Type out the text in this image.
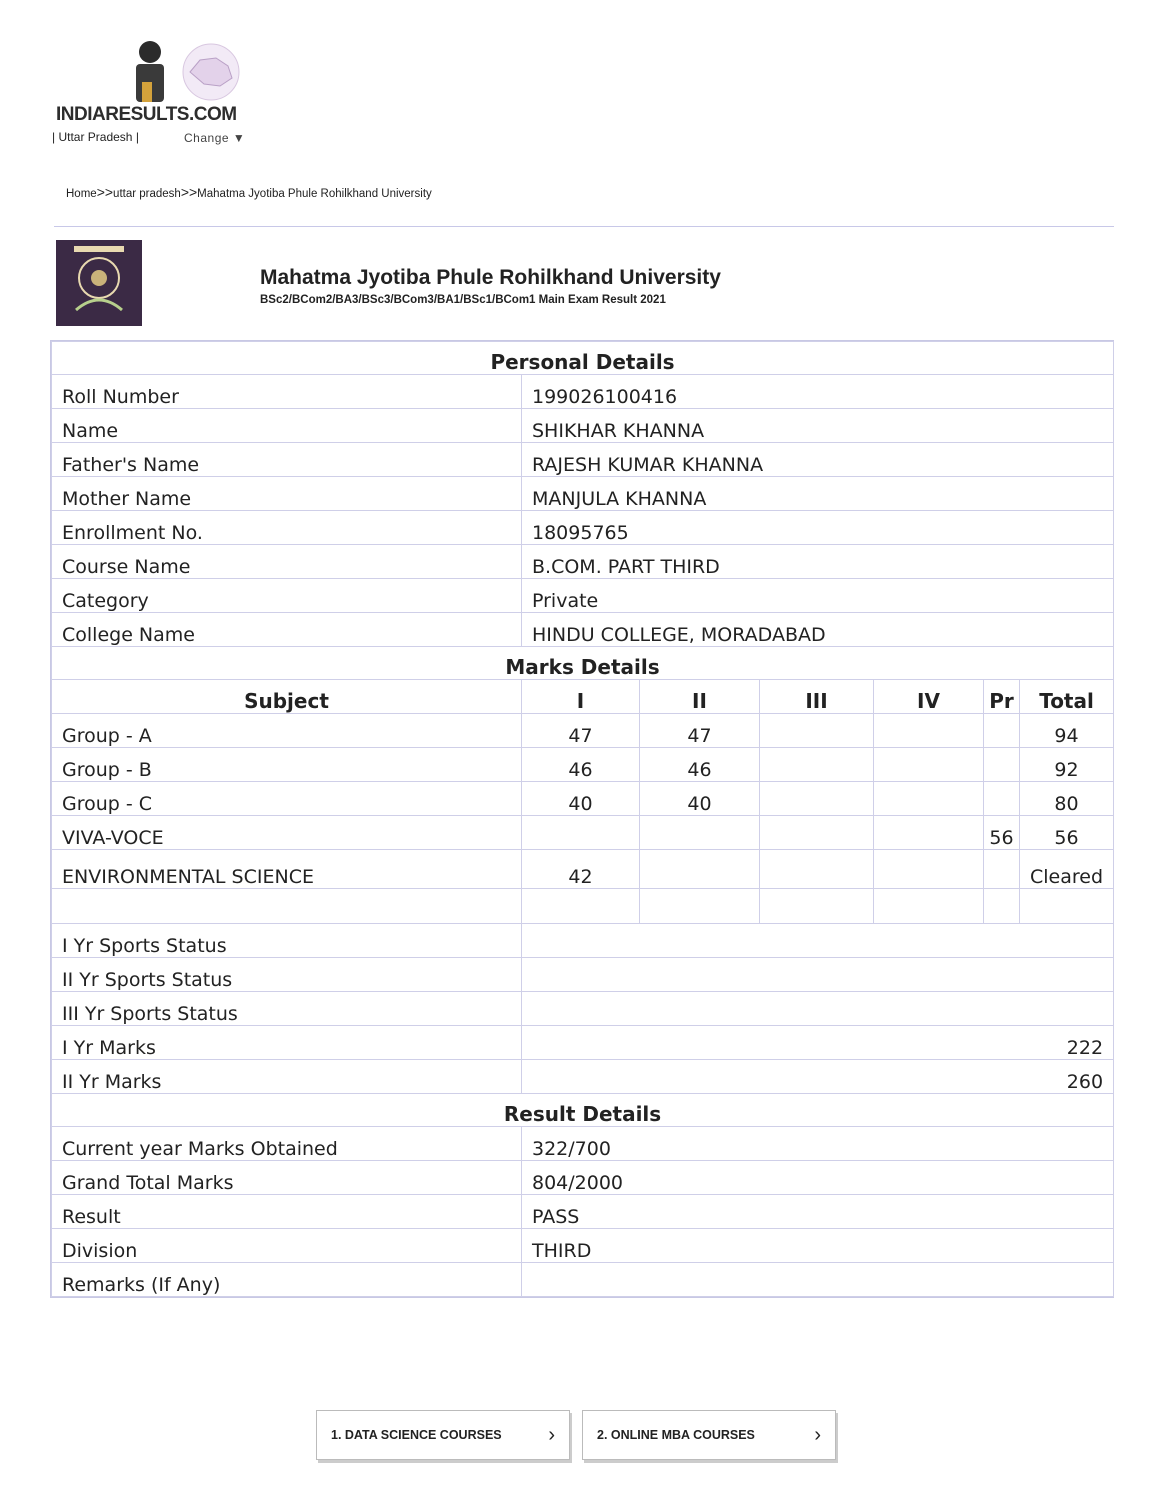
INDIARESULTS.COM
| Uttar Pradesh |	Change ▼
Home>>uttar pradesh>>Mahatma Jyotiba Phule Rohilkhand University
Mahatma Jyotiba Phule Rohilkhand University
BSc2/BCom2/BA3/BSc3/BCom3/BA1/BSc1/BCom1 Main Exam Result 2021
Personal Details						
Roll Number	199026100416					
Name	SHIKHAR KHANNA					
Father's Name	RAJESH KUMAR KHANNA					
Mother Name	MANJULA KHANNA					
Enrollment No.	18095765					
Course Name	B.COM. PART THIRD					
Category	Private					
College Name	HINDU COLLEGE, MORADABAD					
Marks Details						
Subject	I	II	III	IV	Pr	Total
Group - A	47	47				94
Group - B	46	46				92
Group - C	40	40				80
VIVA-VOCE					56	56
ENVIRONMENTAL SCIENCE	42					Cleared

I Yr Sports Status						
II Yr Sports Status						
III Yr Sports Status						
I Yr Marks	222					
II Yr Marks	260					
Result Details						
Current year Marks Obtained	322/700					
Grand Total Marks	804/2000					
Result	PASS					
Division	THIRD					
Remarks (If Any)						
1. DATA SCIENCE COURSES ›	2. ONLINE MBA COURSES	›
